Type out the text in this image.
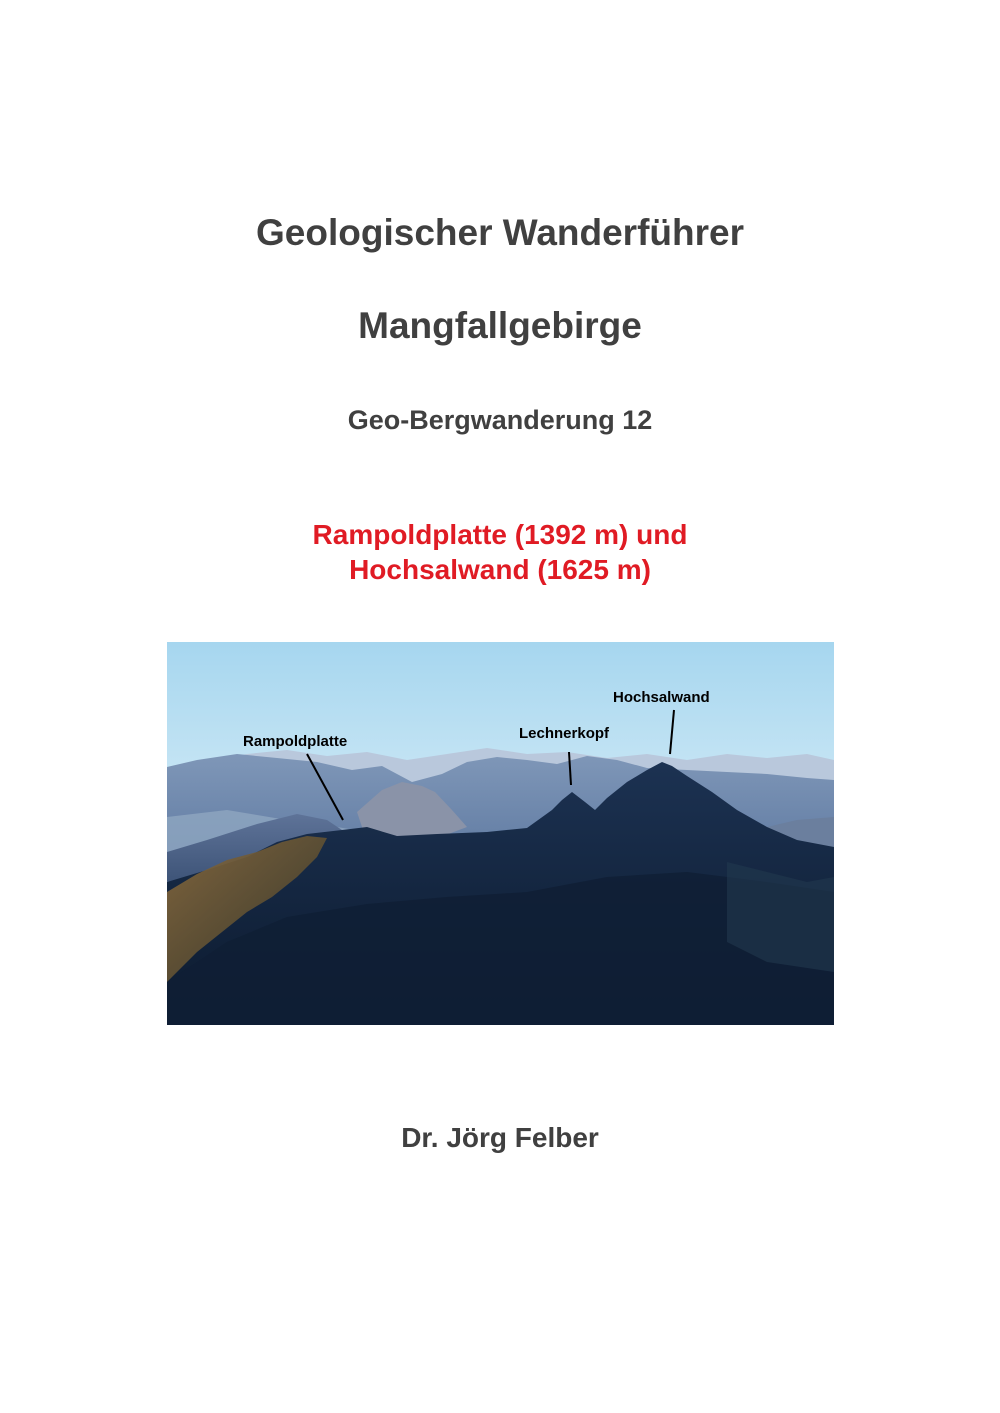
Geologischer Wanderführer
Mangfallgebirge
Geo-Bergwanderung 12

Rampoldplatte (1392 m) und

Hochsalwand (1625 m)

Rampoldplatte	Lechnerkopf
Hochsalwand

Dr. Jörg Felber
